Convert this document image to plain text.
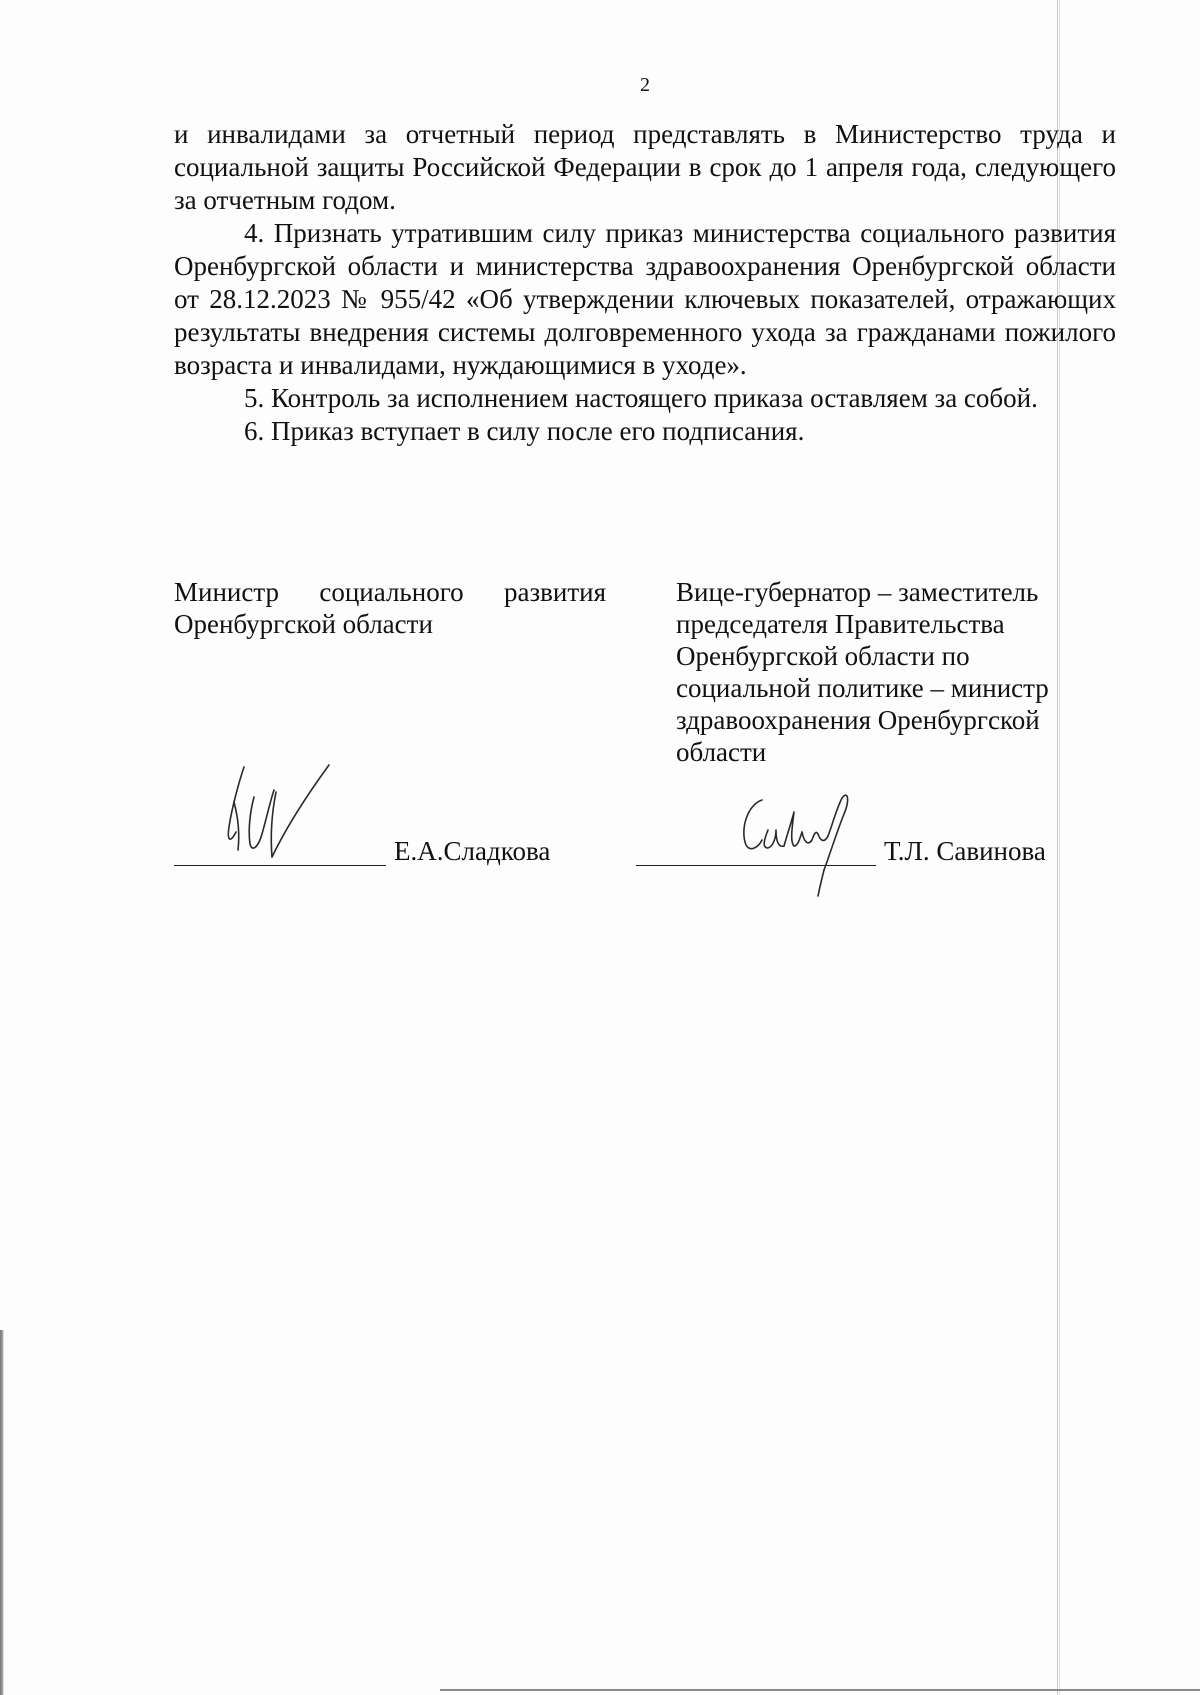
2

и инвалидами за отчетный период представлять в Министерство труда и социальной защиты Российской Федерации в срок до 1 апреля года, следующего за отчетным годом.

4. Признать утратившим силу приказ министерства социального развития Оренбургской области и министерства здравоохранения Оренбургской области от 28.12.2023 № 955/42 «Об утверждении ключевых показателей, отражающих результаты внедрения системы долговременного ухода за гражданами пожилого возраста и инвалидами, нуждающимися в уходе».

5. Контроль за исполнением настоящего приказа оставляем за собой.

6. Приказ вступает в силу после его подписания.

Министр социального развития
Оренбургской области
Вице-губернатор – заместитель
председателя Правительства
Оренбургской области по
социальной политике – министр
здравоохранения Оренбургской
области

Е.А.Сладкова	Т.Л. Савинова
